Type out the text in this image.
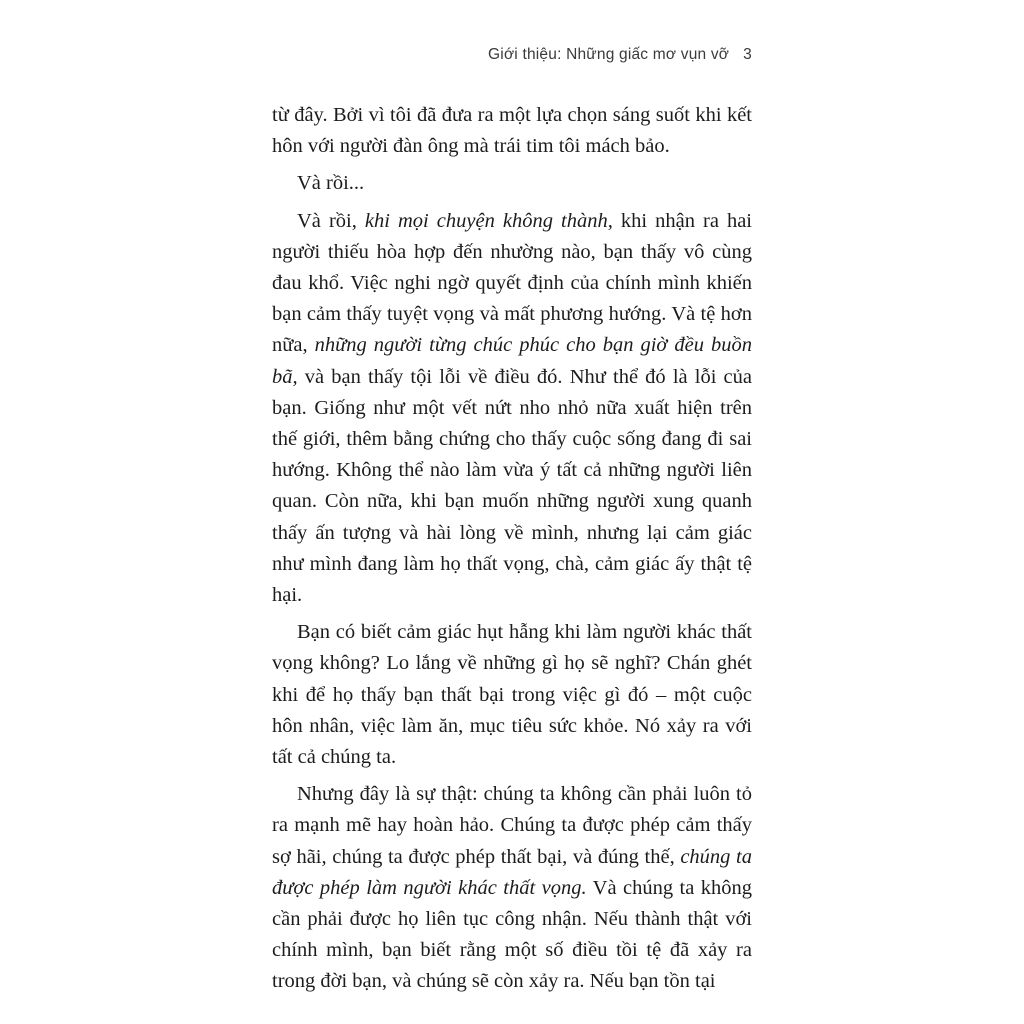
Giới thiệu: Những giấc mơ vụn vỡ 3

từ đây. Bởi vì tôi đã đưa ra một lựa chọn sáng suốt khi kết hôn với người đàn ông mà trái tim tôi mách bảo.

Và rồi...

Và rồi, khi mọi chuyện không thành, khi nhận ra hai người thiếu hòa hợp đến nhường nào, bạn thấy vô cùng đau khổ. Việc nghi ngờ quyết định của chính mình khiến bạn cảm thấy tuyệt vọng và mất phương hướng. Và tệ hơn nữa, những người từng chúc phúc cho bạn giờ đều buồn bã, và bạn thấy tội lỗi về điều đó. Như thể đó là lỗi của bạn. Giống như một vết nứt nho nhỏ nữa xuất hiện trên thế giới, thêm bằng chứng cho thấy cuộc sống đang đi sai hướng. Không thể nào làm vừa ý tất cả những người liên quan. Còn nữa, khi bạn muốn những người xung quanh thấy ấn tượng và hài lòng về mình, nhưng lại cảm giác như mình đang làm họ thất vọng, chà, cảm giác ấy thật tệ hại.

Bạn có biết cảm giác hụt hẫng khi làm người khác thất vọng không? Lo lắng về những gì họ sẽ nghĩ? Chán ghét khi để họ thấy bạn thất bại trong việc gì đó – một cuộc hôn nhân, việc làm ăn, mục tiêu sức khỏe. Nó xảy ra với tất cả chúng ta.

Nhưng đây là sự thật: chúng ta không cần phải luôn tỏ ra mạnh mẽ hay hoàn hảo. Chúng ta được phép cảm thấy sợ hãi, chúng ta được phép thất bại, và đúng thế, chúng ta được phép làm người khác thất vọng. Và chúng ta không cần phải được họ liên tục công nhận. Nếu thành thật với chính mình, bạn biết rằng một số điều tồi tệ đã xảy ra trong đời bạn, và chúng sẽ còn xảy ra. Nếu bạn tồn tại
